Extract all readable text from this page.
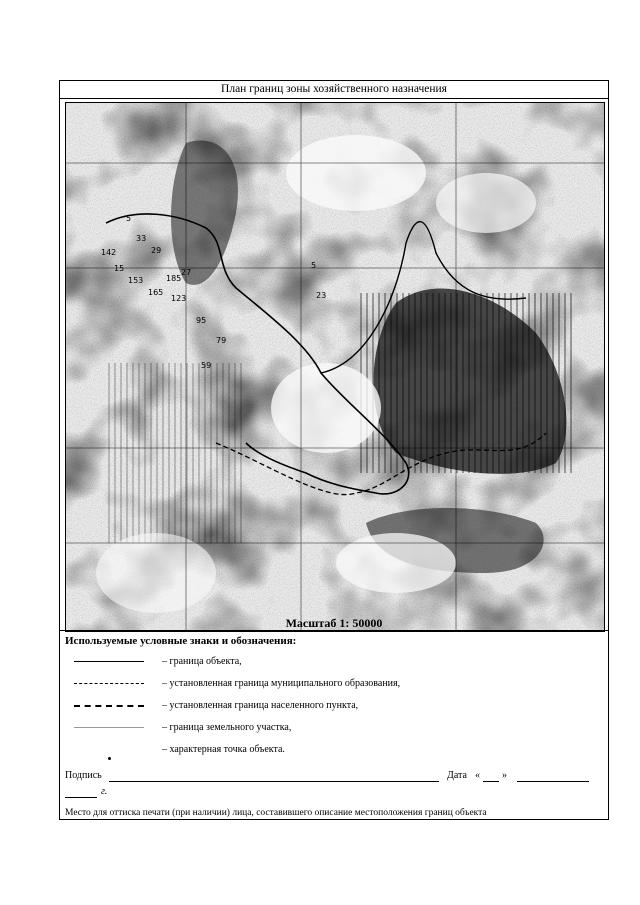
План границ зоны хозяйственного назначения
5
33
29
142
15
153	185
165
123
95
79
59
5
23
27
Масштаб 1: 50000
Используемые условные знаки и обозначения:
– граница объекта,
– установленная граница муниципального образования,
– установленная граница населенного пункта,
– граница земельного участка,
– характерная точка объекта.
Подпись	Дата « »
г.
Место для оттиска печати (при наличии) лица, составившего описание местоположения границ объекта
